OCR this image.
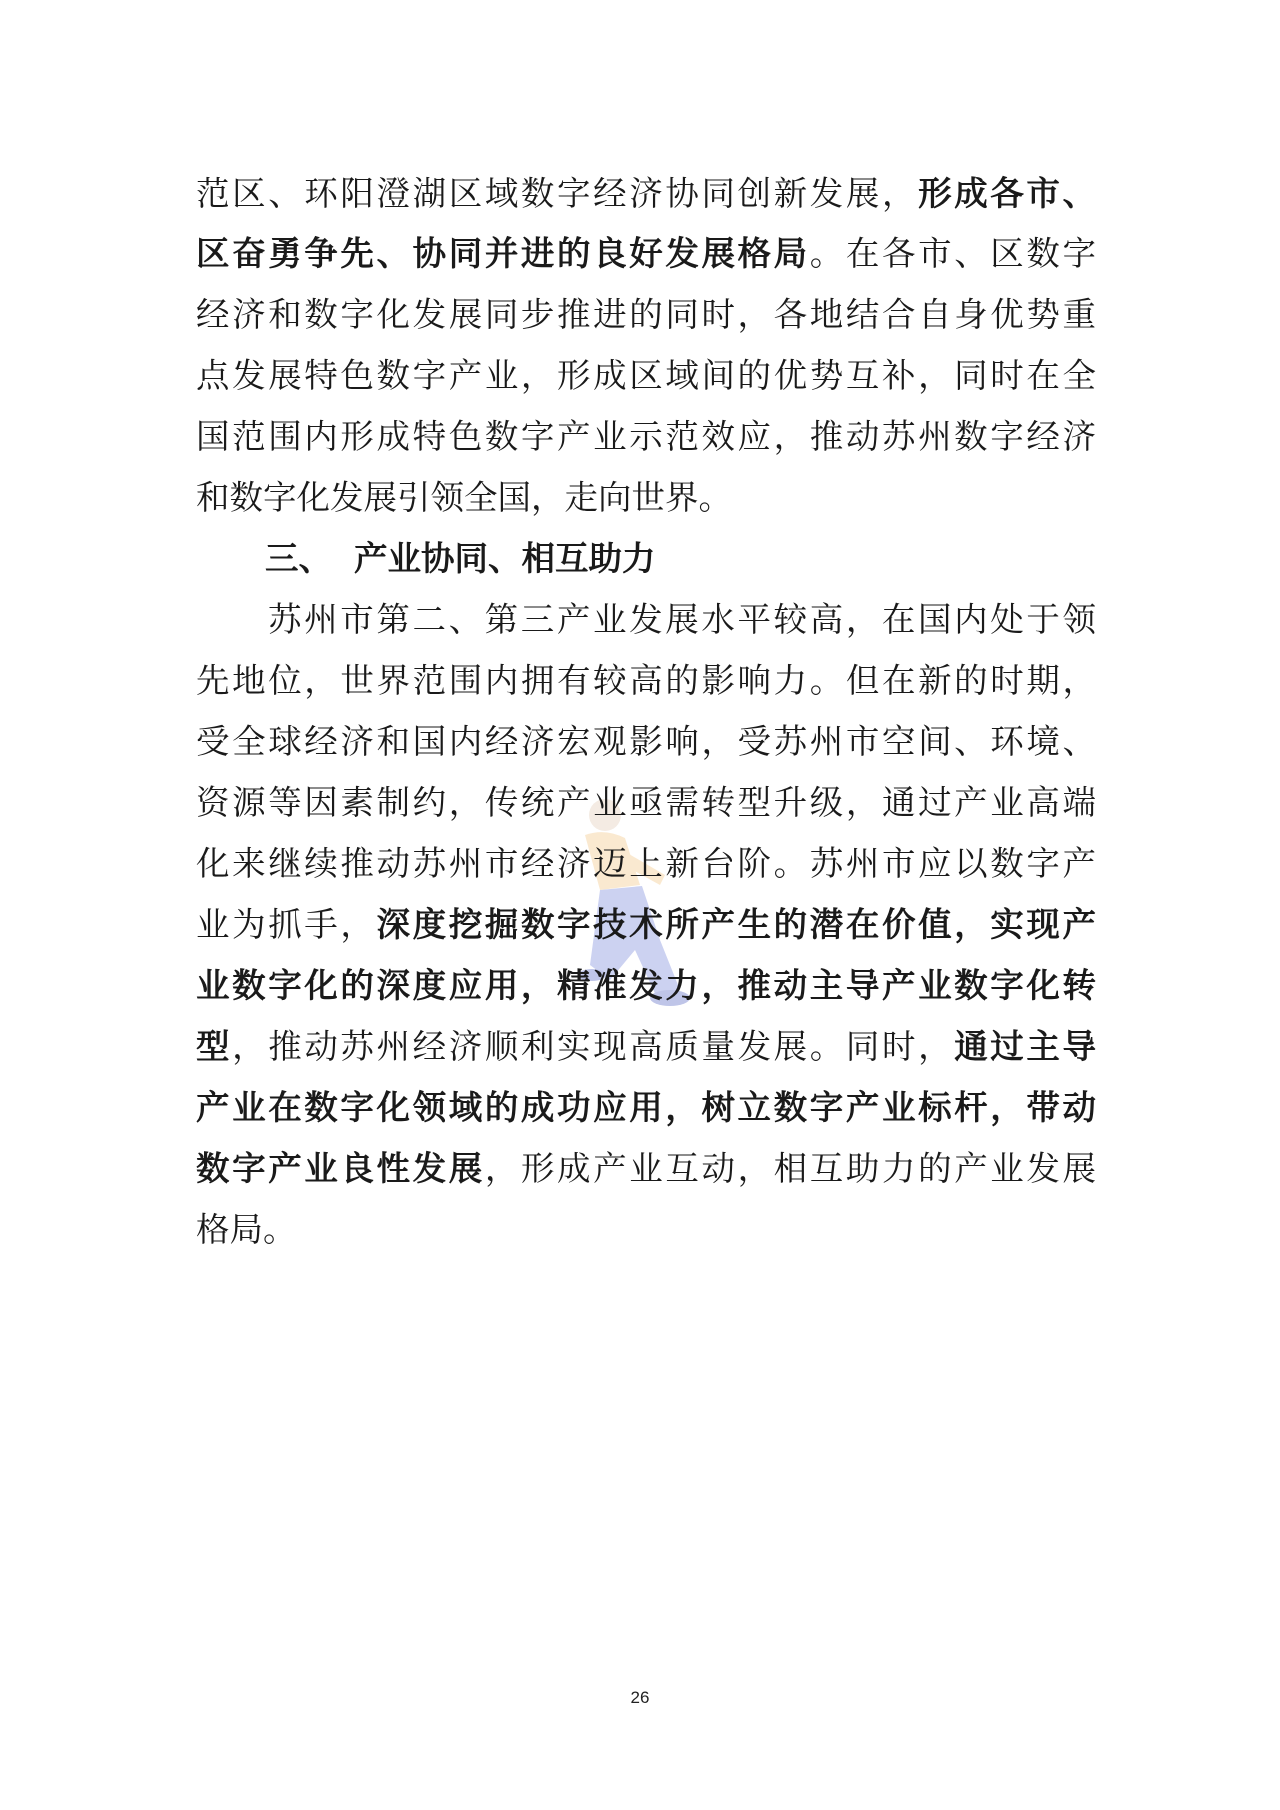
范区、环阳澄湖区域数字经济协同创新发展，形成各市、
区奋勇争先、协同并进的良好发展格局。在各市、区数字
经济和数字化发展同步推进的同时，各地结合自身优势重
点发展特色数字产业，形成区域间的优势互补，同时在全
国范围内形成特色数字产业示范效应，推动苏州数字经济
和数字化发展引领全国，走向世界。
三、 产业协同、相互助力
苏州市第二、第三产业发展水平较高，在国内处于领
先地位，世界范围内拥有较高的影响力。但在新的时期，
受全球经济和国内经济宏观影响，受苏州市空间、环境、
资源等因素制约，传统产业亟需转型升级，通过产业高端
化来继续推动苏州市经济迈上新台阶。苏州市应以数字产
业为抓手，深度挖掘数字技术所产生的潜在价值，实现产
业数字化的深度应用，精准发力，推动主导产业数字化转
型，推动苏州经济顺利实现高质量发展。同时，通过主导
产业在数字化领域的成功应用，树立数字产业标杆，带动
数字产业良性发展，形成产业互动，相互助力的产业发展
格局。
26
